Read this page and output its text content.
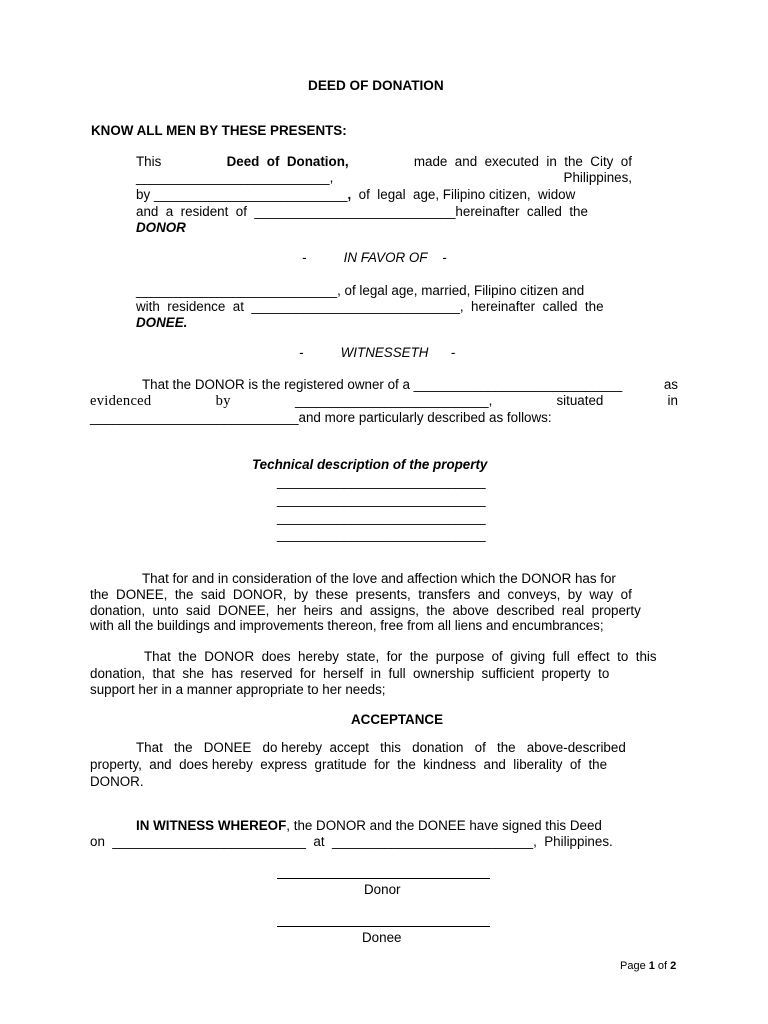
DEED OF DONATION
KNOW ALL MEN BY THESE PRESENTS:
This	Deed  of  Donation,	made  and  executed  in  the  City  of
__________________________,	Philippines,
by __________________________,  of  legal  age, Filipino citizen,  widow
and  a  resident  of  ___________________________hereinafter  called  the
DONOR
-          IN FAVOR OF    -
___________________________, of legal age, married, Filipino citizen and
with  residence  at  ____________________________,  hereinafter  called  the
DONEE.
-          WITNESSETH      -
That the DONOR is the registered owner of a ____________________________	as
evidenced	by	__________________________,	situated	in
____________________________and more particularly described as follows:
Technical description of the property
____________________________
____________________________
____________________________
____________________________
That for and in consideration of the love and affection which the DONOR has for
the  DONEE,  the  said  DONOR,  by  these  presents,  transfers  and  conveys,  by  way  of
donation,  unto  said  DONEE,  her  heirs  and  assigns,  the  above  described  real  property
with all the buildings and improvements thereon, free from all liens and encumbrances;
That  the  DONOR  does  hereby  state,  for  the  purpose  of  giving  full  effect  to  this
donation,  that  she  has  reserved  for  herself  in  full  ownership  sufficient  property  to
support her in a manner appropriate to her needs;
ACCEPTANCE
That   the   DONEE   do hereby  accept   this   donation   of   the   above-described
property,  and  does hereby  express  gratitude  for  the  kindness  and  liberality  of  the
DONOR.
IN WITNESS WHEREOF, the DONOR and the DONEE have signed this Deed
on  __________________________  at  ___________________________,  Philippines.
Donor
Donee
Page 1 of 2
